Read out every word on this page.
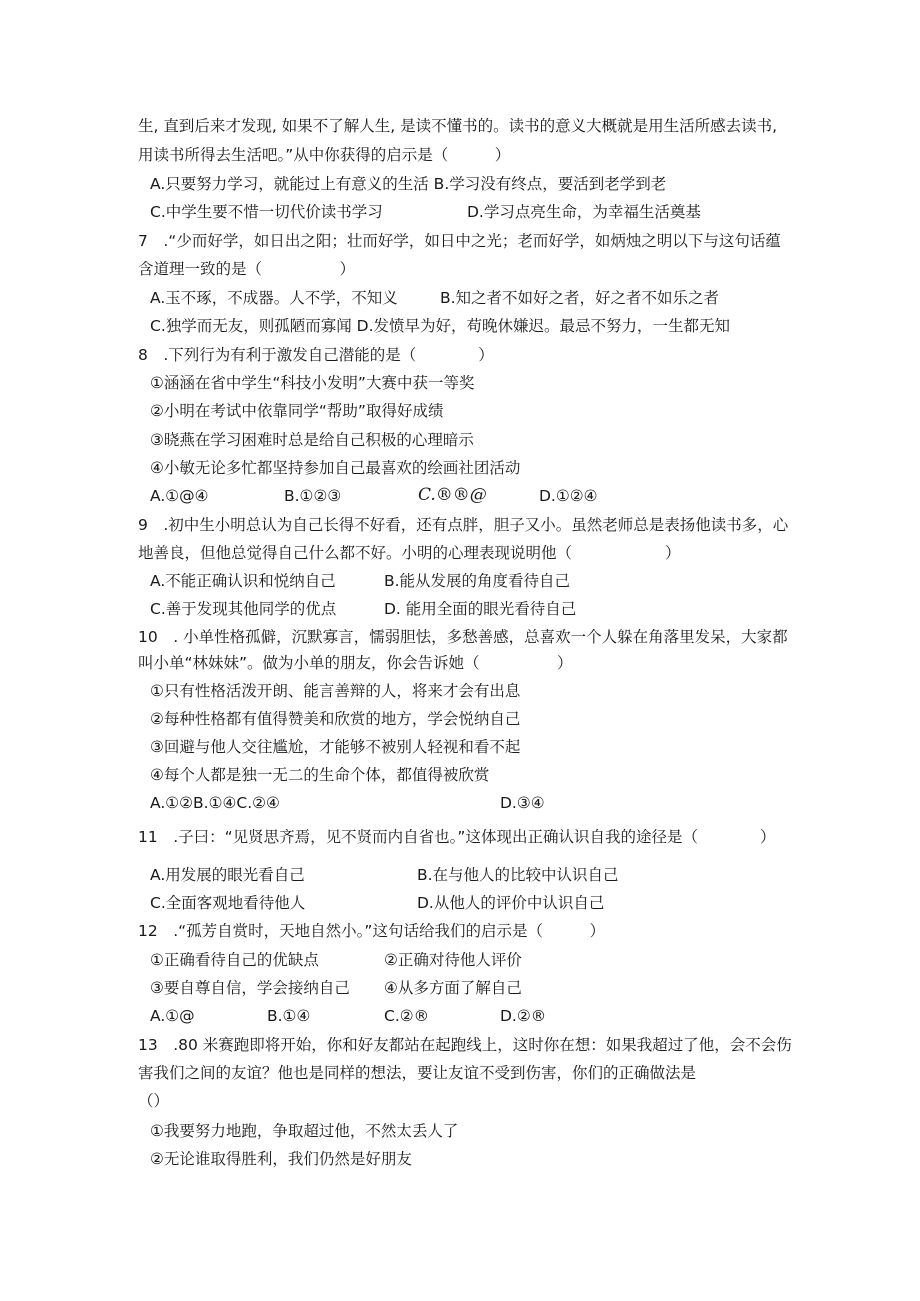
生, 直到后来才发现, 如果不了解人生, 是读不懂书的。读书的意义大概就是用生活所感去读书,
用读书所得去生活吧。”从中你获得的启示是（　　　）
A.只要努力学习，就能过上有意义的生活 B.学习没有终点，要活到老学到老
C.中学生要不惜一切代价读书学习	D.学习点亮生命，为幸福生活奠基
7　.“少而好学，如日出之阳；壮而好学，如日中之光；老而好学，如炳烛之明以下与这句话蕴
含道理一致的是（　　　　　）
A.玉不琢，不成器。人不学，不知义	B.知之者不如好之者，好之者不如乐之者
C.独学而无友，则孤陋而寡闻 D.发愤早为好，苟晚休嫌迟。最忌不努力，一生都无知
8　.下列行为有利于激发自己潜能的是（　　　　）
①涵涵在省中学生“科技小发明”大赛中获一等奖
②小明在考试中依靠同学“帮助”取得好成绩
③晓燕在学习困难时总是给自己积极的心理暗示
④小敏无论多忙都坚持参加自己最喜欢的绘画社团活动
A.①@④	B.①②③	C.®®@	D.①②④
9　.初中生小明总认为自己长得不好看，还有点胖，胆子又小。虽然老师总是表扬他读书多，心
地善良，但他总觉得自己什么都不好。小明的心理表现说明他（　　　　　　）
A.不能正确认识和悦纳自己	B.能从发展的角度看待自己
C.善于发现其他同学的优点	D. 能用全面的眼光看待自己
10　. 小单性格孤僻，沉默寡言，懦弱胆怯，多愁善感，总喜欢一个人躲在角落里发呆，大家都
叫小单“林妹妹”。做为小单的朋友，你会告诉她（　　　　　）
①只有性格活泼开朗、能言善辩的人，将来才会有出息
②每种性格都有值得赞美和欣赏的地方，学会悦纳自己
③回避与他人交往尴尬，才能够不被别人轻视和看不起
④每个人都是独一无二的生命个体，都值得被欣赏
A.①②B.①④C.②④	D.③④
11　.子曰：“见贤思齐焉，见不贤而内自省也。”这体现出正确认识自我的途径是（　　　　）
A.用发展的眼光看自己	B.在与他人的比较中认识自己
C.全面客观地看待他人	D.从他人的评价中认识自己
12　.“孤芳自赏时，天地自然小。”这句话给我们的启示是（　　　）
①正确看待自己的优缺点	②正确对待他人评价
③要自尊自信，学会接纳自己 ④从多方面了解自己
A.①@	B.①④	C.②®	D.②®
13　.80 米赛跑即将开始，你和好友都站在起跑线上，这时你在想：如果我超过了他，会不会伤
害我们之间的友谊？他也是同样的想法，要让友谊不受到伤害，你们的正确做法是
（）
①我要努力地跑，争取超过他，不然太丢人了
②无论谁取得胜利，我们仍然是好朋友
